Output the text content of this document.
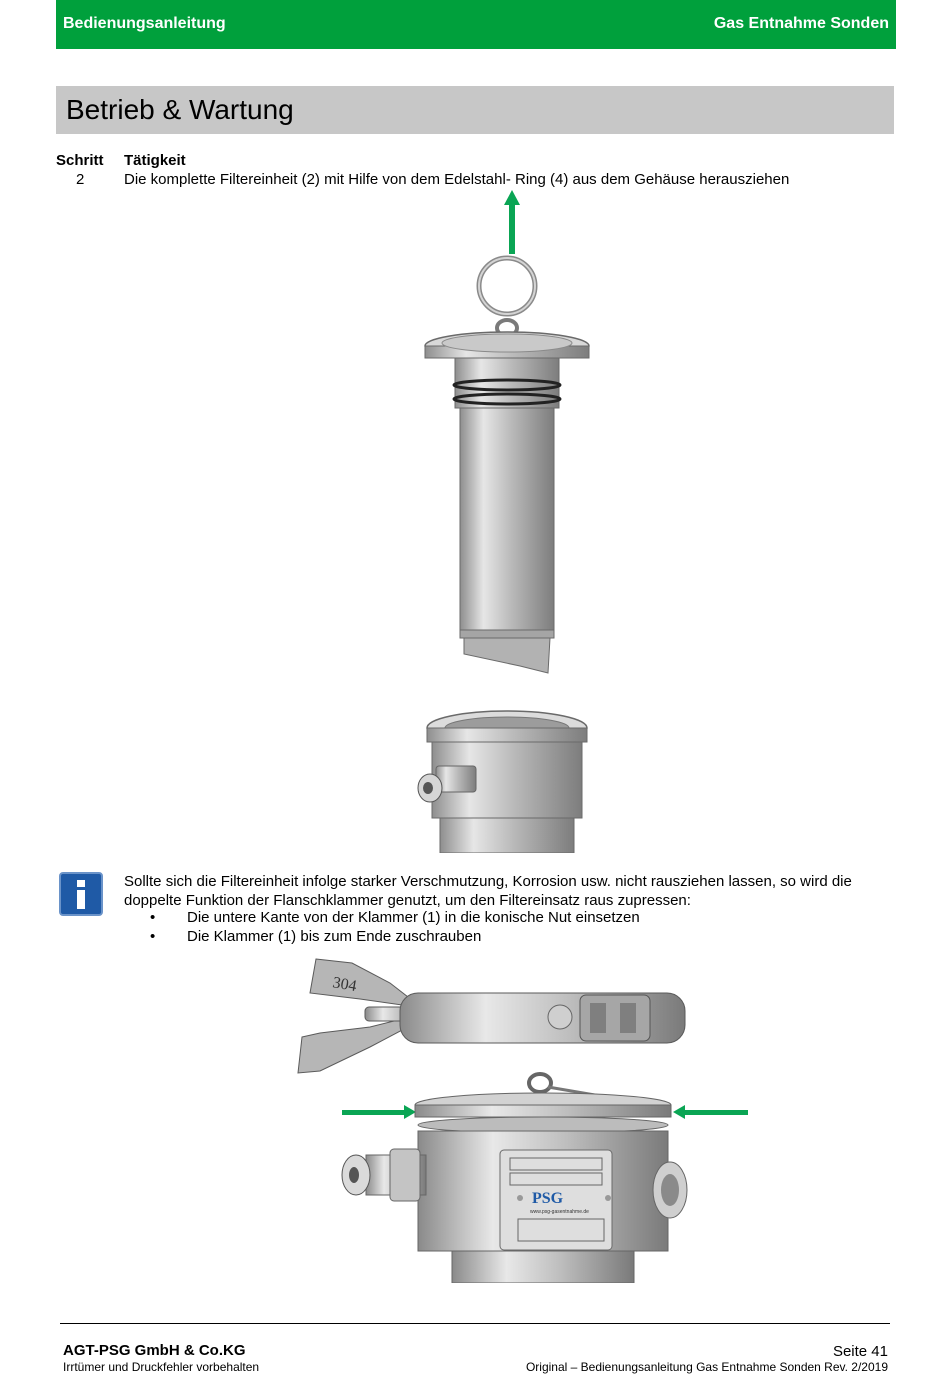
Bedienungsanleitung	Gas Entnahme Sonden
Betrieb & Wartung
Schritt Tätigkeit
2	Die komplette Filtereinheit (2) mit Hilfe von dem Edelstahl- Ring (4) aus dem Gehäuse herausziehen
Sollte sich die Filtereinheit infolge starker Verschmutzung, Korrosion usw. nicht rausziehen lassen, so wird die doppelte Funktion der Flanschklammer genutzt, um den Filtereinsatz raus zupressen:
•	Die untere Kante von der Klammer (1) in die konische Nut einsetzen
•	Die Klammer (1) bis zum Ende zuschrauben
304
PSG
www.psg-gasentnahme.de
AGT-PSG GmbH & Co.KG	Seite 41
Irrtümer und Druckfehler vorbehalten	Original – Bedienungsanleitung Gas Entnahme Sonden Rev. 2/2019
